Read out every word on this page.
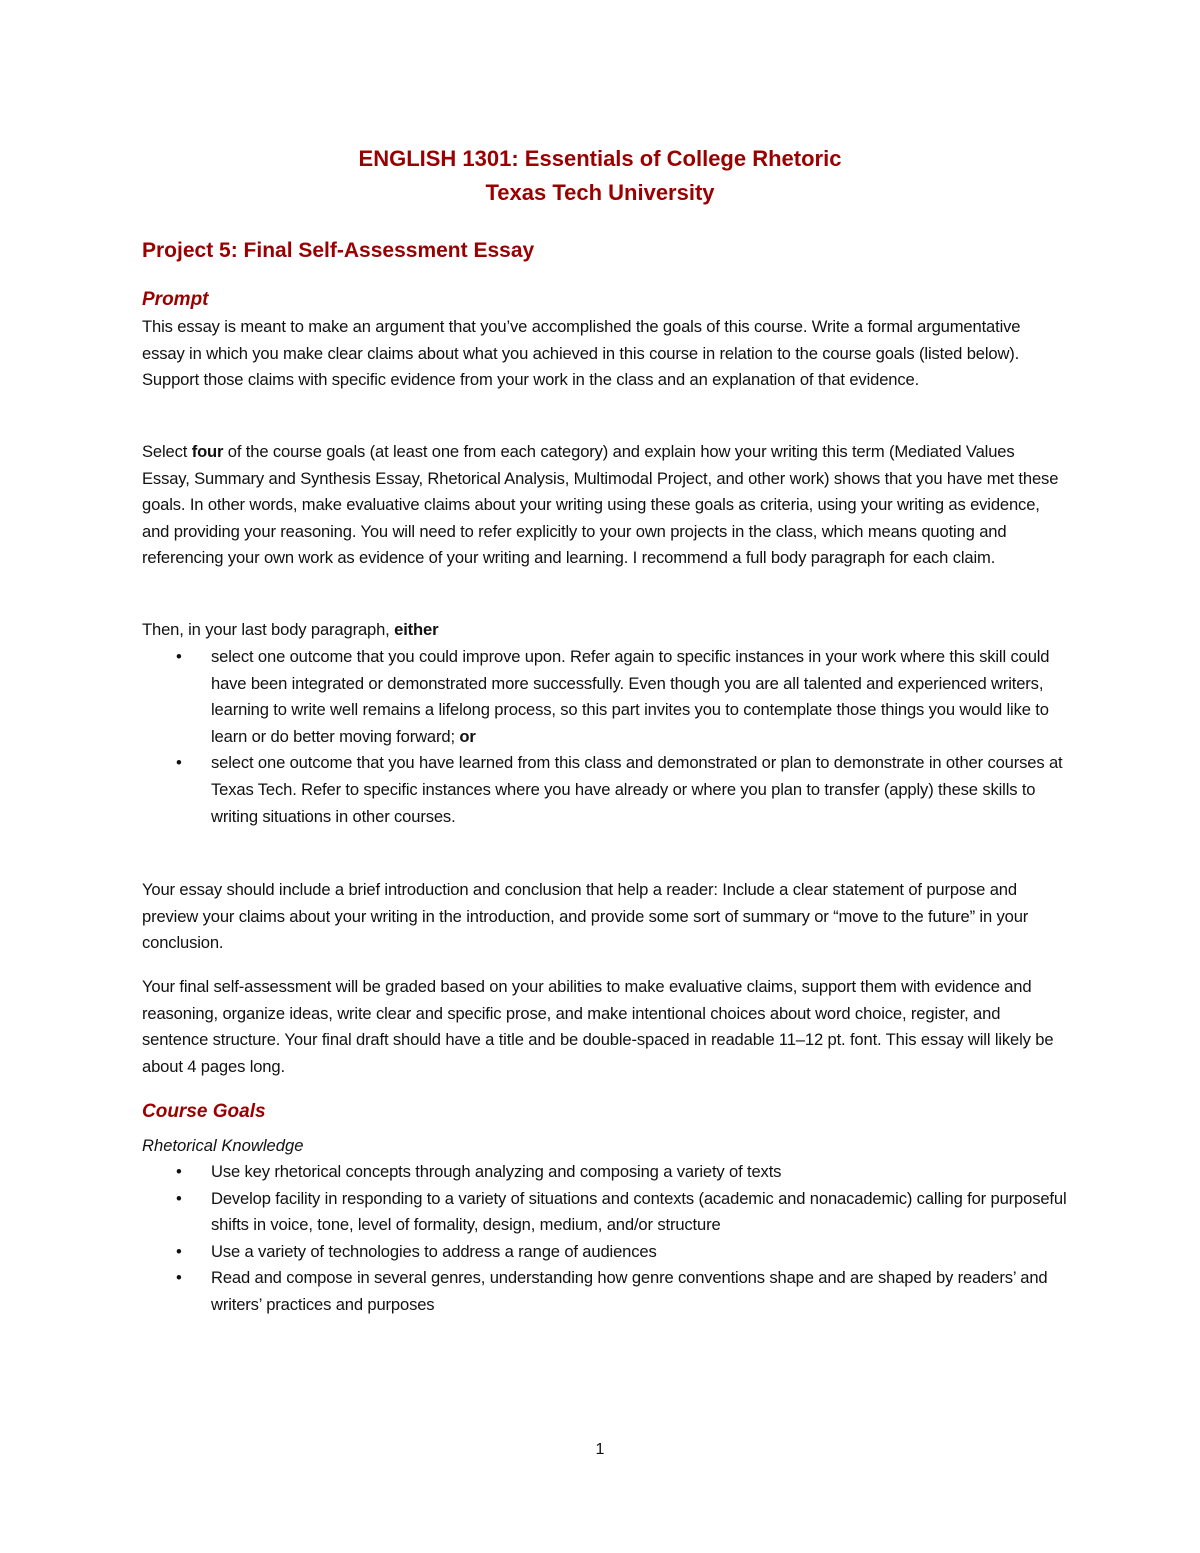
ENGLISH 1301: Essentials of College Rhetoric
Texas Tech University
Project 5: Final Self-Assessment Essay
Prompt
This essay is meant to make an argument that you’ve accomplished the goals of this course. Write a formal argumentative essay in which you make clear claims about what you achieved in this course in relation to the course goals (listed below). Support those claims with specific evidence from your work in the class and an explanation of that evidence.
Select four of the course goals (at least one from each category) and explain how your writing this term (Mediated Values Essay, Summary and Synthesis Essay, Rhetorical Analysis, Multimodal Project, and other work) shows that you have met these goals. In other words, make evaluative claims about your writing using these goals as criteria, using your writing as evidence, and providing your reasoning. You will need to refer explicitly to your own projects in the class, which means quoting and referencing your own work as evidence of your writing and learning. I recommend a full body paragraph for each claim.
Then, in your last body paragraph, either
• select one outcome that you could improve upon. Refer again to specific instances in your work where this skill could have been integrated or demonstrated more successfully. Even though you are all talented and experienced writers, learning to write well remains a lifelong process, so this part invites you to contemplate those things you would like to learn or do better moving forward; or
• select one outcome that you have learned from this class and demonstrated or plan to demonstrate in other courses at Texas Tech. Refer to specific instances where you have already or where you plan to transfer (apply) these skills to writing situations in other courses.
Your essay should include a brief introduction and conclusion that help a reader: Include a clear statement of purpose and preview your claims about your writing in the introduction, and provide some sort of summary or “move to the future” in your conclusion.
Your final self-assessment will be graded based on your abilities to make evaluative claims, support them with evidence and reasoning, organize ideas, write clear and specific prose, and make intentional choices about word choice, register, and sentence structure. Your final draft should have a title and be double-spaced in readable 11–12 pt. font. This essay will likely be about 4 pages long.
Course Goals
Rhetorical Knowledge
• Use key rhetorical concepts through analyzing and composing a variety of texts
• Develop facility in responding to a variety of situations and contexts (academic and nonacademic) calling for purposeful shifts in voice, tone, level of formality, design, medium, and/or structure
• Use a variety of technologies to address a range of audiences
• Read and compose in several genres, understanding how genre conventions shape and are shaped by readers’ and writers’ practices and purposes
1
